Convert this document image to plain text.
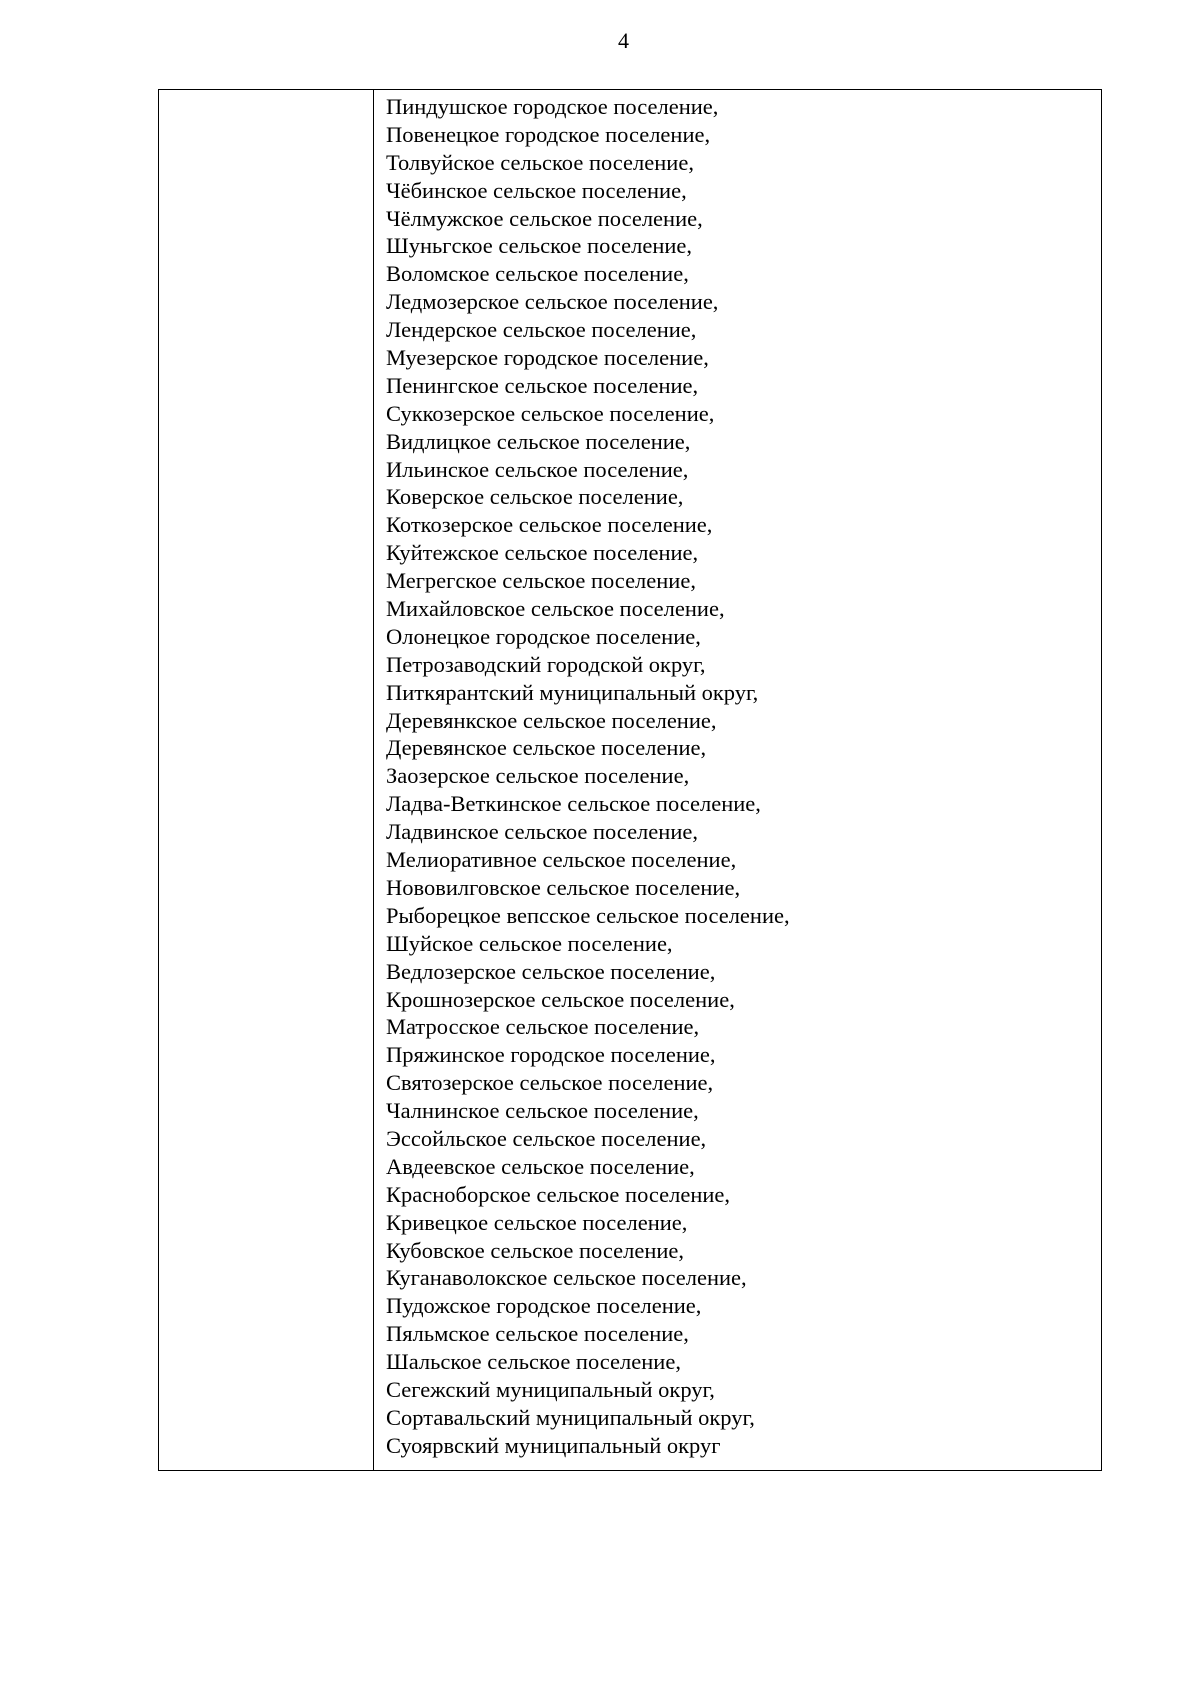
4
Пиндушское городское поселение,
Повенецкое городское поселение,
Толвуйское сельское поселение,
Чёбинское сельское поселение,
Чёлмужское сельское поселение,
Шуньгское сельское поселение,
Воломское сельское поселение,
Ледмозерское сельское поселение,
Лендерское сельское поселение,
Муезерское городское поселение,
Пенингское сельское поселение,
Суккозерское сельское поселение,
Видлицкое сельское поселение,
Ильинское сельское поселение,
Коверское сельское поселение,
Коткозерское сельское поселение,
Куйтежское сельское поселение,
Мегрегское сельское поселение,
Михайловское сельское поселение,
Олонецкое городское поселение,
Петрозаводский городской округ,
Питкярантский муниципальный округ,
Деревянкское сельское поселение,
Деревянское сельское поселение,
Заозерское сельское поселение,
Ладва-Веткинское сельское поселение,
Ладвинское сельское поселение,
Мелиоративное сельское поселение,
Нововилговское сельское поселение,
Рыборецкое вепсское сельское поселение,
Шуйское сельское поселение,
Ведлозерское сельское поселение,
Крошнозерское сельское поселение,
Матросское сельское поселение,
Пряжинское городское поселение,
Святозерское сельское поселение,
Чалнинское сельское поселение,
Эссойльское сельское поселение,
Авдеевское сельское поселение,
Красноборское сельское поселение,
Кривецкое сельское поселение,
Кубовское сельское поселение,
Куганаволокское сельское поселение,
Пудожское городское поселение,
Пяльмское сельское поселение,
Шальское сельское поселение,
Сегежский муниципальный округ,
Сортавальский муниципальный округ,
Суоярвский муниципальный округ
